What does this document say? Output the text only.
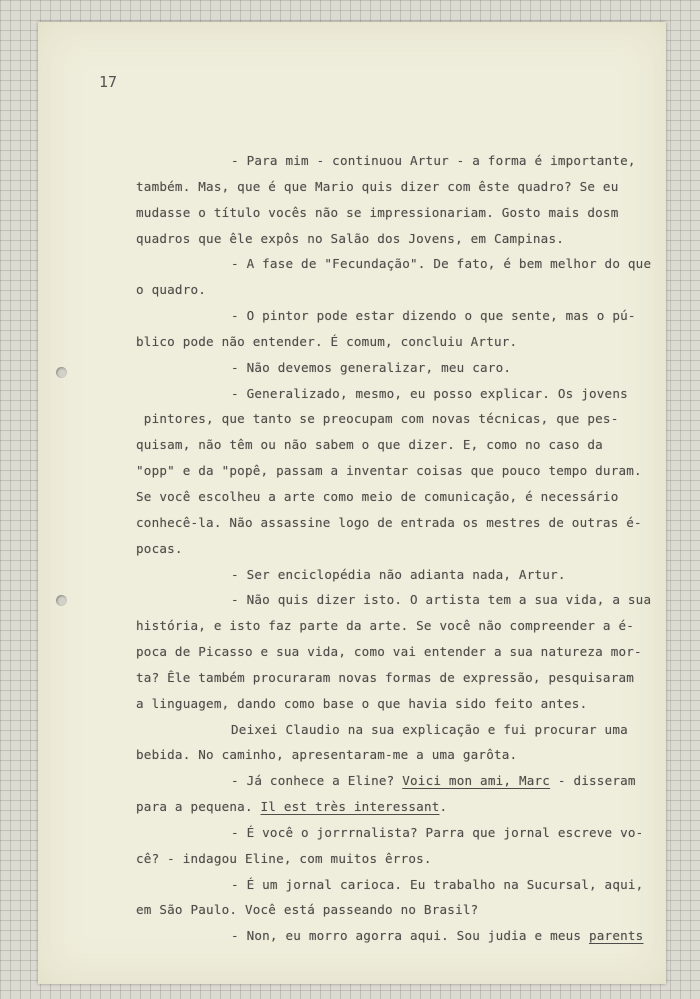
17
- Para mim - continuou Artur - a forma é importante,
também. Mas, que é que Mario quis dizer com êste quadro? Se eu
mudasse o título vocês não se impressionariam. Gosto mais dosm
quadros que êle expôs no Salão dos Jovens, em Campinas.
- A fase de "Fecundação". De fato, é bem melhor do que
o quadro.
- O pintor pode estar dizendo o que sente, mas o pú-
blico pode não entender. É comum, concluiu Artur.
- Não devemos generalizar, meu caro.
- Generalizado, mesmo, eu posso explicar. Os jovens
pintores, que tanto se preocupam com novas técnicas, que pes-
quisam, não têm ou não sabem o que dizer. E, como no caso da
"opp" e da "popê, passam a inventar coisas que pouco tempo duram.
Se você escolheu a arte como meio de comunicação, é necessário
conhecê-la. Não assassine logo de entrada os mestres de outras é-
pocas.
- Ser enciclopédia não adianta nada, Artur.
- Não quis dizer isto. O artista tem a sua vida, a sua
história, e isto faz parte da arte. Se você não compreender a é-
poca de Picasso e sua vida, como vai entender a sua natureza mor-
ta? Êle também procuraram novas formas de expressão, pesquisaram
a linguagem, dando como base o que havia sido feito antes.
Deixei Claudio na sua explicação e fui procurar uma
bebida. No caminho, apresentaram-me a uma garôta.
- Já conhece a Eline? Voici mon ami, Marc - disseram
para a pequena. Il est très interessant.
- É você o jorrrnalista? Parra que jornal escreve vo-
cê? - indagou Eline, com muitos êrros.
- É um jornal carioca. Eu trabalho na Sucursal, aqui,
em São Paulo. Você está passeando no Brasil?
- Non, eu morro agorra aqui. Sou judia e meus parents
